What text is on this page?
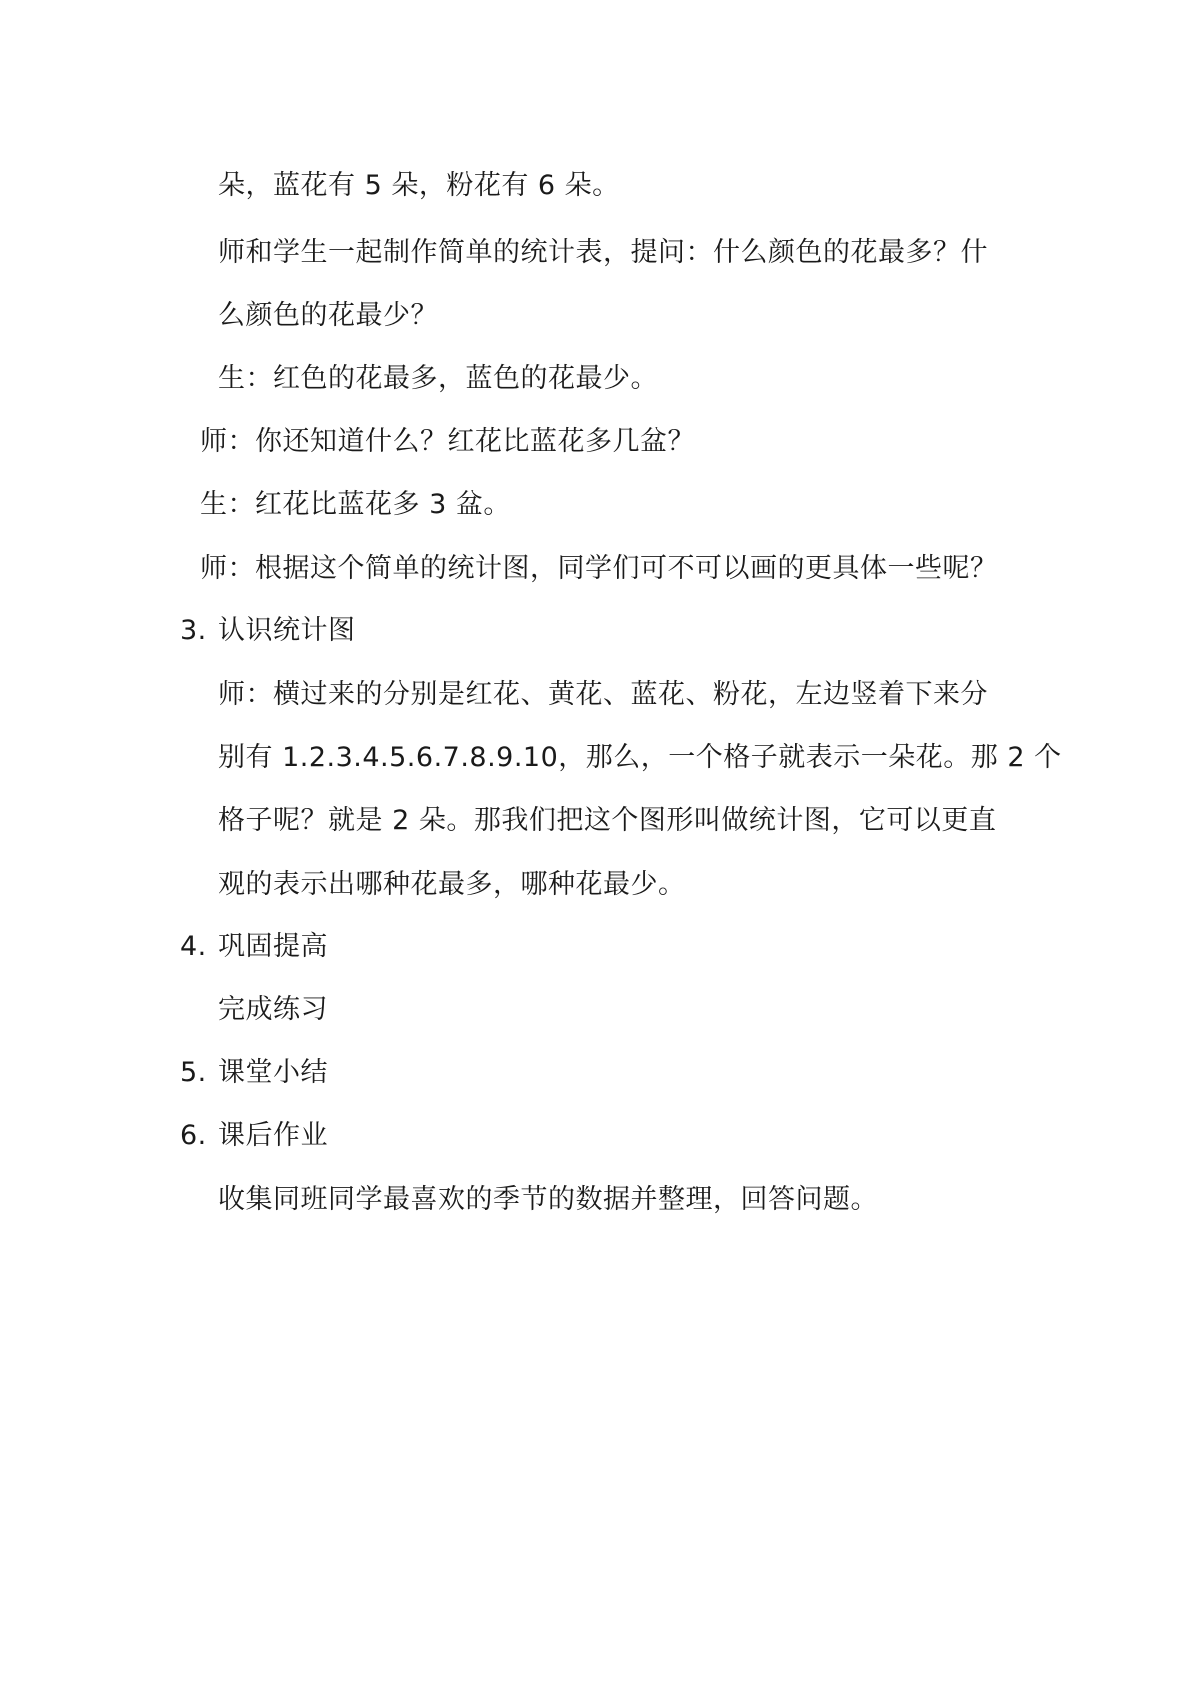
朵，蓝花有 5 朵，粉花有 6 朵。
师和学生一起制作简单的统计表，提问：什么颜色的花最多？什
么颜色的花最少？
生：红色的花最多，蓝色的花最少。
师：你还知道什么？红花比蓝花多几盆？
生：红花比蓝花多 3 盆。
师：根据这个简单的统计图，同学们可不可以画的更具体一些呢？
3. 认识统计图
师：横过来的分别是红花、黄花、蓝花、粉花，左边竖着下来分
别有 1.2.3.4.5.6.7.8.9.10，那么，一个格子就表示一朵花。那 2 个
格子呢？就是 2 朵。那我们把这个图形叫做统计图，它可以更直
观的表示出哪种花最多，哪种花最少。
4. 巩固提高
完成练习
5. 课堂小结
6. 课后作业
收集同班同学最喜欢的季节的数据并整理，回答问题。
